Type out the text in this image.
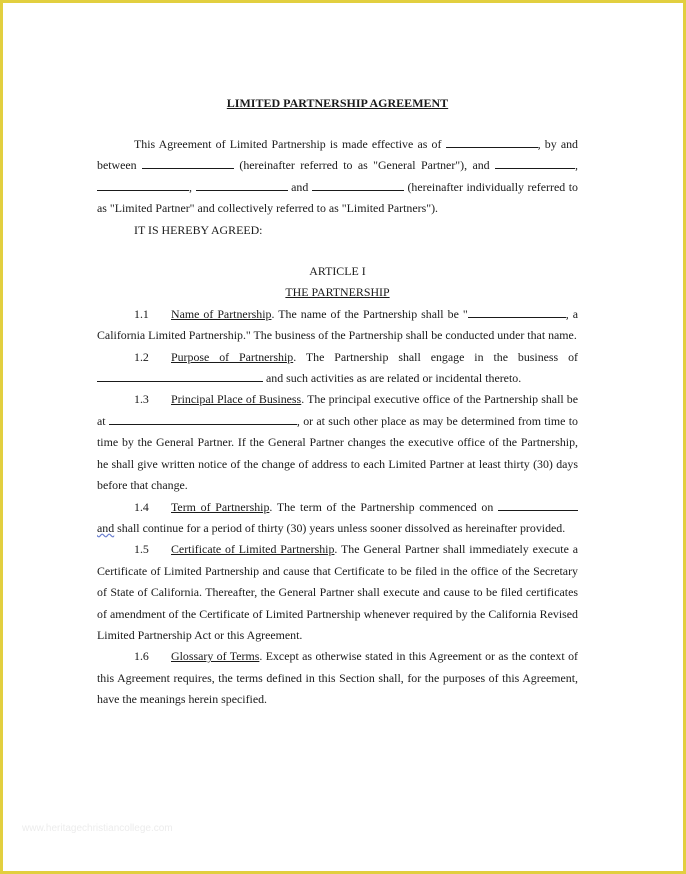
LIMITED PARTNERSHIP AGREEMENT

This Agreement of Limited Partnership is made effective as of	, by and between	(hereinafter referred to as "General Partner"), and	, ,	and	(hereinafter individually referred to as "Limited Partner" and collectively referred to as "Limited Partners").

IT IS HEREBY AGREED:

ARTICLE I

THE PARTNERSHIP

1.1 Name of Partnership. The name of the Partnership shall be "	, a California Limited Partnership." The business of the Partnership shall be conducted under that name.

1.2 Purpose of Partnership. The Partnership shall engage in the business of  and such activities as are related or incidental thereto.

1.3 Principal Place of Business. The principal executive office of the Partnership shall be at	, or at such other place as may be determined from time to time by the General Partner. If the General Partner changes the executive office of the Partnership, he shall give written notice of the change of address to each Limited Partner at least thirty (30) days before that change.

1.4 Term of Partnership. The term of the Partnership commenced on  and shall continue for a period of thirty (30) years unless sooner dissolved as hereinafter provided.

1.5 Certificate of Limited Partnership. The General Partner shall immediately execute a Certificate of Limited Partnership and cause that Certificate to be filed in the office of the Secretary of State of California. Thereafter, the General Partner shall execute and cause to be filed certificates of amendment of the Certificate of Limited Partnership whenever required by the California Revised Limited Partnership Act or this Agreement.

1.6 Glossary of Terms. Except as otherwise stated in this Agreement or as the context of this Agreement requires, the terms defined in this Section shall, for the purposes of this Agreement, have the meanings herein specified.

www.heritagechristiancollege.com
